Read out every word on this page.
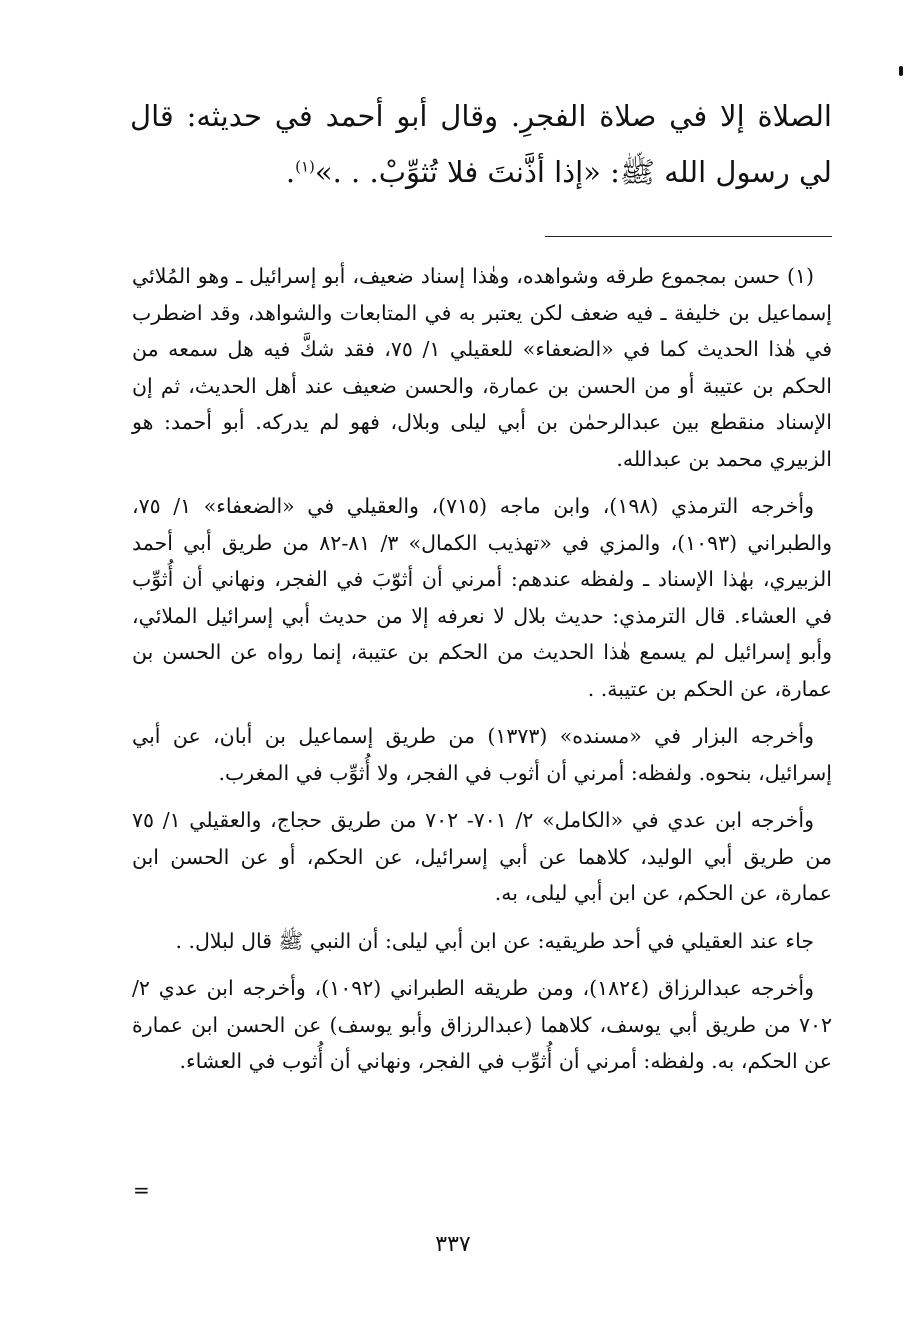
الصلاة إلا في صلاة الفجرِ. وقال أبو أحمد في حديثه: قال لي رسول الله ﷺ: «إذا أذَّنتَ فلا تُثوِّبْ. . .»$^{(١)}$.

(١) حسن بمجموع طرقه وشواهده، وهٰذا إسناد ضعيف، أبو إسرائيل ـ وهو المُلائي إسماعيل بن خليفة ـ فيه ضعف لكن يعتبر به في المتابعات والشواهد، وقد اضطرب في هٰذا الحديث كما في «الضعفاء» للعقيلي ١/ ٧٥، فقد شكَّ فيه هل سمعه من الحكم بن عتيبة أو من الحسن بن عمارة، والحسن ضعيف عند أهل الحديث، ثم إن الإسناد منقطع بين عبدالرحمٰن بن أبي ليلى وبلال، فهو لم يدركه. أبو أحمد: هو الزبيري محمد بن عبدالله.

وأخرجه الترمذي (١٩٨)، وابن ماجه (٧١٥)، والعقيلي في «الضعفاء» ١/ ٧٥، والطبراني (١٠٩٣)، والمزي في «تهذيب الكمال» ٣/ ٨١-٨٢ من طريق أبي أحمد الزبيري، بهٰذا الإسناد ـ ولفظه عندهم: أمرني أن أثوّبَ في الفجر، ونهاني أن أُثوِّب في العشاء. قال الترمذي: حديث بلال لا نعرفه إلا من حديث أبي إسرائيل الملائي، وأبو إسرائيل لم يسمع هٰذا الحديث من الحكم بن عتيبة، إنما رواه عن الحسن بن عمارة، عن الحكم بن عتيبة. .

وأخرجه البزار في «مسنده» (١٣٧٣) من طريق إسماعيل بن أبان، عن أبي إسرائيل، بنحوه. ولفظه: أمرني أن أثوب في الفجر، ولا أُثوِّب في المغرب.

وأخرجه ابن عدي في «الكامل» ٢/ ٧٠١- ٧٠٢ من طريق حجاج، والعقيلي ١/ ٧٥ من طريق أبي الوليد، كلاهما عن أبي إسرائيل، عن الحكم، أو عن الحسن ابن عمارة، عن الحكم، عن ابن أبي ليلى، به.

جاء عند العقيلي في أحد طريقيه: عن ابن أبي ليلى: أن النبي ﷺ قال لبلال. .

وأخرجه عبدالرزاق (١٨٢٤)، ومن طريقه الطبراني (١٠٩٢)، وأخرجه ابن عدي ٢/ ٧٠٢ من طريق أبي يوسف، كلاهما (عبدالرزاق وأبو يوسف) عن الحسن ابن عمارة عن الحكم، به. ولفظه: أمرني أن أُثوِّب في الفجر، ونهاني أن أُثوب في العشاء.

=
٣٣٧
